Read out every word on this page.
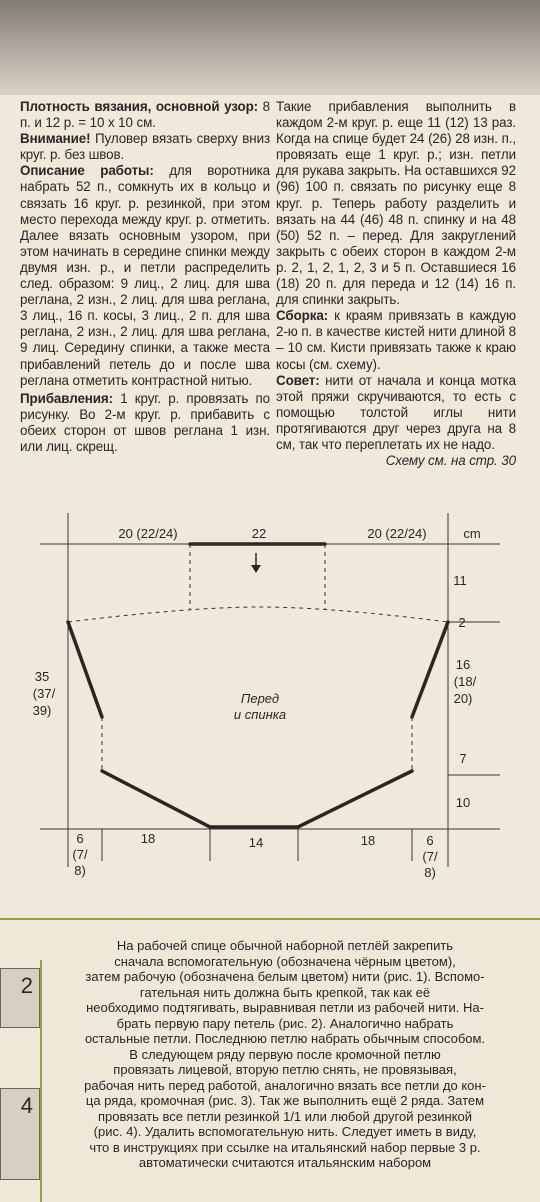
Плотность вязания, основной узор: 8 п. и 12 р. = 10 х 10 см.

Внимание! Пуловер вязать сверху вниз круг. р. без швов.

Описание работы: для воротника набрать 52 п., сомкнуть их в кольцо и связать 16 круг. р. резинкой, при этом место перехода между круг. р. отметить. Далее вязать основным узором, при этом начинать в середине спинки между двумя изн. р., и петли распределить след. образом: 9 лиц., 2 лиц. для шва реглана, 2 изн., 2 лиц. для шва реглана, 3 лиц., 16 п. косы, 3 лиц., 2 п. для шва реглана, 2 изн., 2 лиц. для шва реглана, 9 лиц. Середину спинки, а также места прибавлений петель до и после шва реглана отметить контрастной нитью.

Прибавления: 1 круг. р. провязать по рисунку. Во 2-м круг. р. прибавить с обеих сторон от швов реглана 1 изн. или лиц. скрещ.

Такие прибавления выполнить в каждом 2-м круг. р. еще 11 (12) 13 раз. Когда на спице будет 24 (26) 28 изн. п., провязать еще 1 круг. р.; изн. петли для рукава закрыть. На оставшихся 92 (96) 100 п. связать по рисунку еще 8 круг. р. Теперь работу разделить и вязать на 44 (46) 48 п. спинку и на 48 (50) 52 п. – перед. Для закруглений закрыть с обеих сторон в каждом 2-м р. 2, 1, 2, 1, 2, 3 и 5 п. Оставшиеся 16 (18) 20 п. для переда и 12 (14) 16 п. для спинки закрыть.

Сборка: к краям привязать в каждую 2-ю п. в качестве кистей нити длиной 8 – 10 см. Кисти привязать также к краю косы (см. схему).

Совет: нити от начала и конца мотка этой пряжи скручиваются, то есть с помощью толстой иглы нити протягиваются друг через друга на 8 см, так что переплетать их не надо.

Схему см. на стр. 30

20 (22/24)	22	20 (22/24)	cm
11
2
16
(18/
20)
7
10
35
(37/
39)
Перед
и спинка
6
(7/
8)
18	14	18	6
(7/
8)
2
4

На рабочей спице обычной наборной петлёй закрепить

сначала вспомогательную (обозначена чёрным цветом),

затем рабочую (обозначена белым цветом) нити (рис. 1). Вспомо-

гательная нить должна быть крепкой, так как её

необходимо подтягивать, выравнивая петли из рабочей нити. На-

брать первую пару петель (рис. 2). Аналогично набрать

остальные петли. Последнюю петлю набрать обычным способом.

В следующем ряду первую после кромочной петлю

провязать лицевой, вторую петлю снять, не провязывая,

рабочая нить перед работой, аналогично вязать все петли до кон-

ца ряда, кромочная (рис. 3). Так же выполнить ещё 2 ряда. Затем

провязать все петли резинкой 1/1 или любой другой резинкой

(рис. 4). Удалить вспомогательную нить. Следует иметь в виду,

что в инструкциях при ссылке на итальянский набор первые 3 р.

автоматически считаются итальянским набором
